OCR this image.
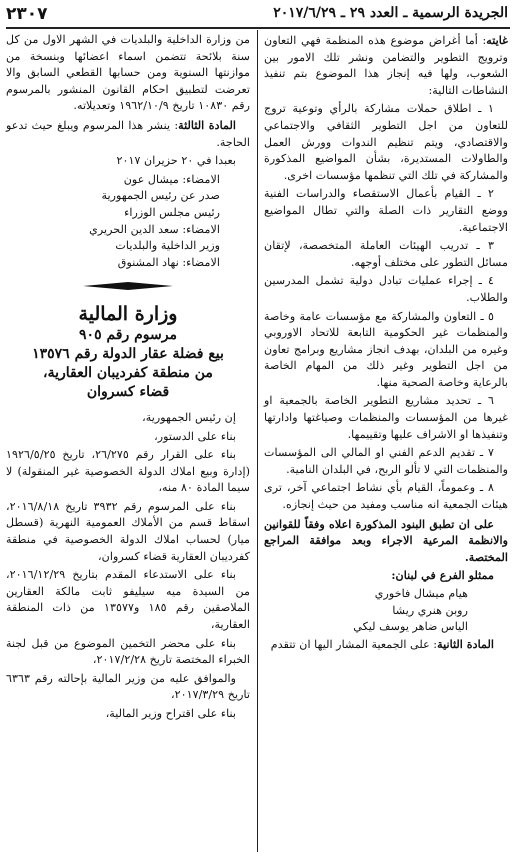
الجريدة الرسمية ـ العدد ٢٩ ـ ٢٠١٧/٦/٢٩
٢٣٠٧

غايته: أما أغراض موضوع هذه المنظمة فهي التعاون وترويج التطوير والتضامن ونشر تلك الامور بين الشعوب، ولها فيه إنجاز هذا الموضوع بتم تنفيذ النشاطات التالية:

١ ـ اطلاق حملات مشاركة بالرأي وتوعية تروج للتعاون من اجل التطوير الثقافي والاجتماعي والاقتصادي، ويتم تنظيم الندوات وورش العمل والطاولات المستديرة، بشأن المواضيع المذكورة والمشاركة في تلك التي تنظمها مؤسسات اخرى.

٢ ـ القيام بأعمال الاستقصاء والدراسات الفنية ووضع التقارير ذات الصلة والتي تطال المواضيع الاجتماعية.

٣ ـ تدريب الهيئات العاملة المتخصصة، لإتقان مسائل التطور على مختلف أوجهه.

٤ ـ إجراء عمليات تبادل دولية تشمل المدرسين والطلاب.

٥ ـ التعاون والمشاركة مع مؤسسات عامة وخاصة والمنظمات غير الحكومية التابعة للاتحاد الاوروبي وغيره من البلدان، بهدف انجاز مشاريع وبرامج تعاون من اجل التطوير وغير ذلك من المهام الخاصة بالرعاية وخاصة الصحية منها.

٦ ـ تحديد مشاريع التطوير الخاصة بالجمعية او غيرها من المؤسسات والمنظمات وصياغتها وادارتها وتنفيذها او الاشراف عليها وتقييمها.

٧ ـ تقديم الدعم الفني او المالي الى المؤسسات والمنظمات التي لا تألو الربح، في البلدان النامية.

٨ ـ وعموماً، القيام بأي نشاط اجتماعي آخر، ترى هيئات الجمعية انه مناسب ومفيد من حيث إنجازه.

على ان تطبق البنود المذكورة اعلاه وفقاً للقوانين والانظمة المرعية الاجراء وبعد موافقة المراجع المختصة.

ممثلو الفرع في لبنان:

هيام ميشال فاخوري

روبن هنري ريشا

الياس ضاهر يوسف ليكي

المادة الثانية: على الجمعية المشار اليها ان تتقدم

من وزارة الداخلية والبلديات في الشهر الاول من كل سنة بلائحة تتضمن اسماء اعضائها وبنسخة من موازنتها السنوية ومن حسابها القطعي السابق والا تعرضت لتطبيق احكام القانون المنشور بالمرسوم رقم ١٠٨٣٠ تاريخ ١٩٦٢/١٠/٩ وتعديلاته.

المادة الثالثة: ينشر هذا المرسوم ويبلغ حيث تدعو الحاجة.

بعبدا في ٢٠ حزيران ٢٠١٧

الامضاء: ميشال عون

صدر عن رئيس الجمهورية

رئيس مجلس الوزراء

الامضاء: سعد الدين الحريري

وزير الداخلية والبلديات

الامضاء: نهاد المشنوق

وزارة المالية
مرسوم رقم ٩٠٥
بيع فضلة عقار الدولة رقم ١٣٥٧٦
من منطقة كفرديبان العقارية،
قضاء كسروان

إن رئيس الجمهورية،

بناء على الدستور،

بناء على القرار رقم ٢٦/٢٧٥، تاريخ ١٩٢٦/٥/٢٥ (إدارة وبيع املاك الدولة الخصوصية غير المنقولة) لا سيما المادة ٨٠ منه،

بناء على المرسوم رقم ٣٩٣٢ تاريخ ٢٠١٦/٨/١٨، اسقاط قسم من الأملاك العمومية النهرية (قسطل ميار) لحساب املاك الدولة الخصوصية في منطقة كفرديبان العقارية قضاء كسروان،

بناء على الاستدعاء المقدم بتاريخ ٢٠١٦/١٢/٢٩، من السيدة ميه سيليفو ثابت مالكة العقارين الملاصقين رقم ١٨٥ و١٣٥٧٧ من ذات المنطقة العقارية،

بناء على محضر التخمين الموضوع من قبل لجنة الخبراء المختصة تاريخ ٢٠١٧/٢/٢٨،

والموافق عليه من وزير المالية بإحالته رقم ٦٣٦٣ تاريخ ٢٠١٧/٣/٢٩،

بناء على اقتراح وزير المالية،
